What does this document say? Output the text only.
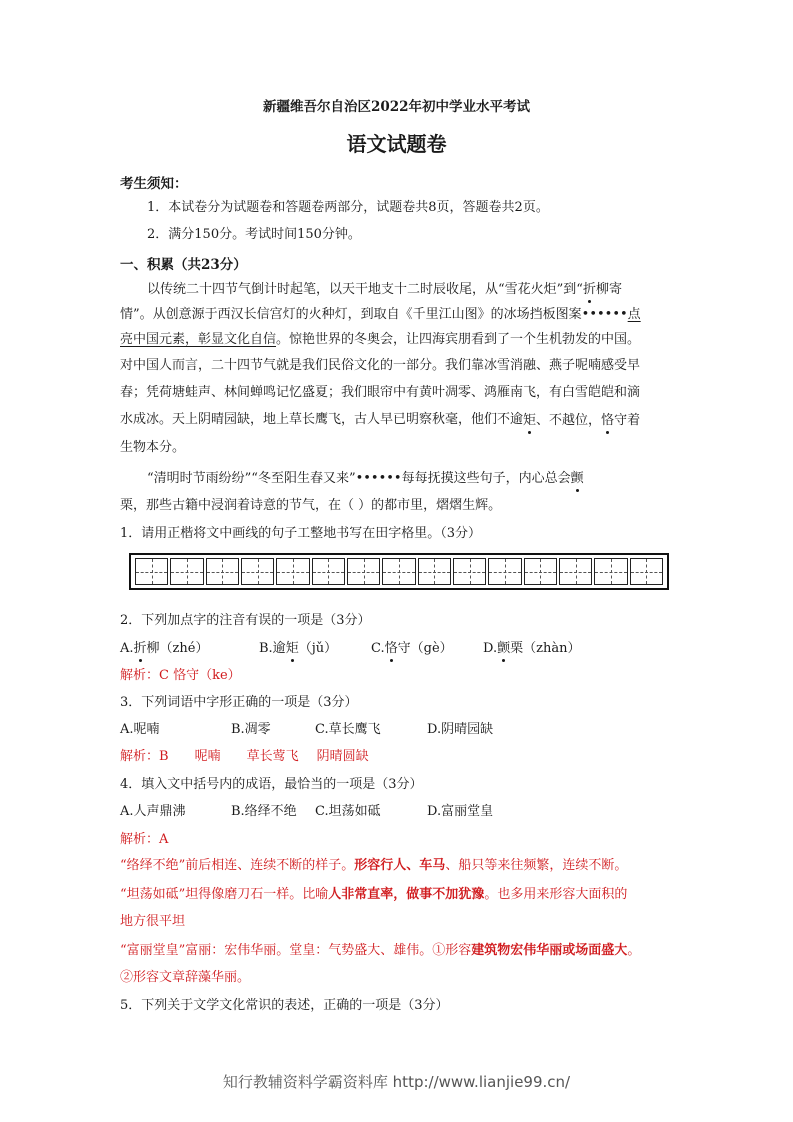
新疆维吾尔自治区2022年初中学业水平考试
语文试题卷
考生须知：
1．本试卷分为试题卷和答题卷两部分，试题卷共8页，答题卷共2页。
2．满分150分。考试时间150分钟。
一、积累（共23分）
以传统二十四节气倒计时起笔，以天干地支十二时辰收尾，从“雪花火炬”到“折柳寄
情”。从创意源于西汉长信宫灯的火种灯，到取自《千里江山图》的冰场挡板图案••••••点
亮中国元素，彰显文化自信。惊艳世界的冬奥会，让四海宾朋看到了一个生机勃发的中国。
对中国人而言，二十四节气就是我们民俗文化的一部分。我们靠冰雪消融、燕子呢喃感受早
春；凭荷塘蛙声、林间蝉鸣记忆盛夏；我们眼帘中有黄叶凋零、鸿雁南飞，有白雪皑皑和滴
水成冰。天上阴晴园缺，地上草长鹰飞，古人早已明察秋毫，他们不逾 矩、不越位，恪守着
生物本分。
“清明时节雨纷纷”“冬至阳生春又来”••••••每每抚摸这些句子，内心总会颤
栗，那些古籍中浸润着诗意的节气，在（ ）的都市里，熠熠生辉。
1．请用正楷将文中画线的句子工整地书写在田字格里。（3分）
2．下列加点字的注音有误的一项是（3分）
A.折柳（zhé）	B.逾矩（jǔ）	C.恪守（gè） D.颤栗（zhàn）
解析：C 恪守（ke）
3．下列词语中字形正确的一项是（3分）
A.呢喃	B.凋零	C.草长鹰飞	D.阴晴园缺
解析：B 呢喃 草长莺飞 阴晴圆缺
4．填入文中括号内的成语，最恰当的一项是（3分）
A.人声鼎沸	B.络绎不绝 C.坦荡如砥	D.富丽堂皇
解析：A
“络绎不绝”前后相连、连续不断的样子。形容行人、车马、船只等来往频繁，连续不断。
“坦荡如砥”坦得像磨刀石一样。比喻人非常直率，做事不加犹豫。也多用来形容大面积的
地方很平坦
“富丽堂皇”富丽：宏伟华丽。堂皇：气势盛大、雄伟。①形容建筑物宏伟华丽或场面盛大。
②形容文章辞藻华丽。
5．下列关于文学文化常识的表述，正确的一项是（3分）
知行教辅资料学霸资料库 http://www.lianjie99.cn/
